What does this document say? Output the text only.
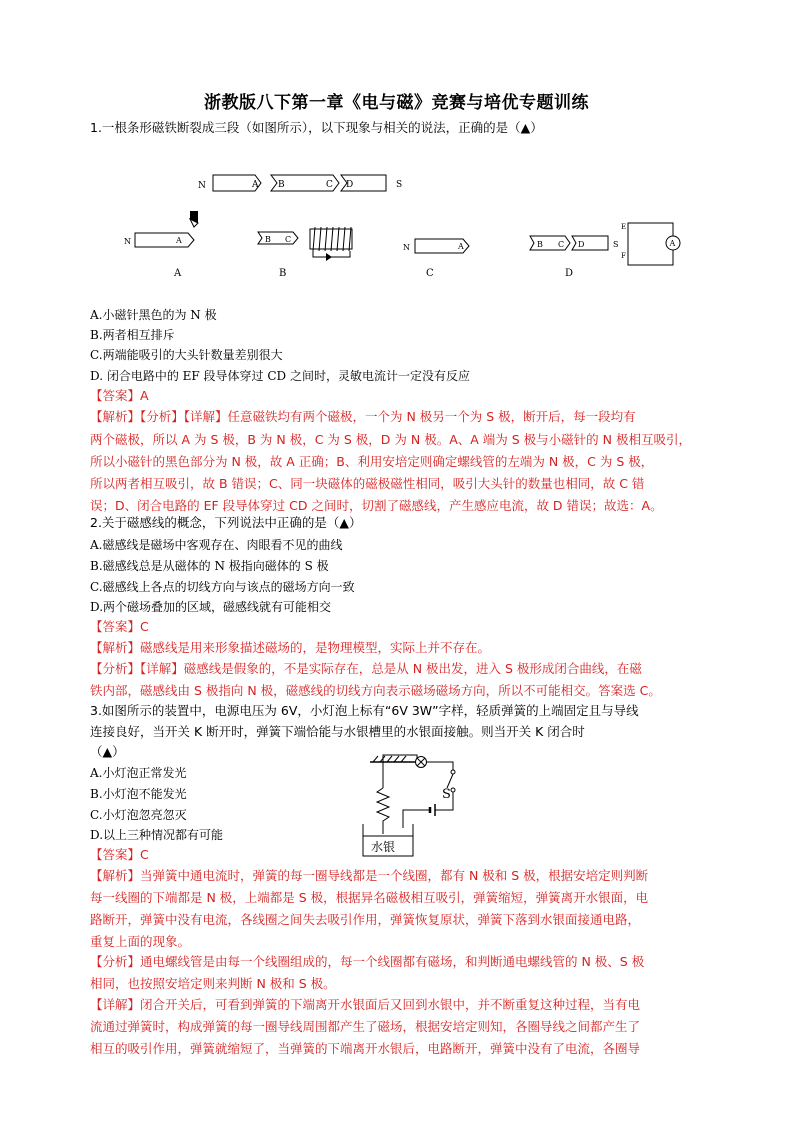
浙教版八下第一章《电与磁》竞赛与培优专题训练
1.一根条形磁铁断裂成三段（如图所示），以下现象与相关的说法，正确的是（▲）
N	A B	C D	S
N	A	B C
N	A	B C D	S
E
F
A
A	B	C	D
A.小磁针黑色的为 N 极
B.两者相互排斥
C.两端能吸引的大头针数量差别很大
D. 闭合电路中的 EF 段导体穿过 CD 之间时，灵敏电流计一定没有反应
【答案】A
【解析】【分析】【详解】任意磁铁均有两个磁极，一个为 N 极另一个为 S 极，断开后，每一段均有
两个磁极，所以 A 为 S 极，B 为 N 极，C 为 S 极，D 为 N 极。A、A 端为 S 极与小磁针的 N 极相互吸引，
所以小磁针的黑色部分为 N 极，故 A 正确；B、利用安培定则确定螺线管的左端为 N 极，C 为 S 极，
所以两者相互吸引，故 B 错误；C、同一块磁体的磁极磁性相同，吸引大头针的数量也相同，故 C 错
误；D、闭合电路的 EF 段导体穿过 CD 之间时，切割了磁感线，产生感应电流，故 D 错误；故选：A。
2.关于磁感线的概念，下列说法中正确的是（▲）
A.磁感线是磁场中客观存在、肉眼看不见的曲线
B.磁感线总是从磁体的 N 极指向磁体的 S 极
C.磁感线上各点的切线方向与该点的磁场方向一致
D.两个磁场叠加的区域，磁感线就有可能相交
【答案】C
【解析】磁感线是用来形象描述磁场的，是物理模型，实际上并不存在。
【分析】【详解】磁感线是假象的，不是实际存在，总是从 N 极出发，进入 S 极形成闭合曲线，在磁
铁内部，磁感线由 S 极指向 N 极，磁感线的切线方向表示磁场磁场方向，所以不可能相交。答案选 C。
3.如图所示的装置中，电源电压为 6V，小灯泡上标有“6V 3W”字样，轻质弹簧的上端固定且与导线
连接良好，当开关 K 断开时，弹簧下端恰能与水银槽里的水银面接触。则当开关 K 闭合时
（▲）
S
水银
A.小灯泡正常发光
B.小灯泡不能发光
C.小灯泡忽亮忽灭
D.以上三种情况都有可能
【答案】C
【解析】当弹簧中通电流时，弹簧的每一圈导线都是一个线圈，都有 N 极和 S 极，根据安培定则判断
每一线圈的下端都是 N 极，上端都是 S 极，根据异名磁极相互吸引，弹簧缩短，弹簧离开水银面，电
路断开，弹簧中没有电流，各线圈之间失去吸引作用，弹簧恢复原状，弹簧下落到水银面接通电路，
重复上面的现象。
【分析】通电螺线管是由每一个线圈组成的，每一个线圈都有磁场，和判断通电螺线管的 N 极、S 极
相同，也按照安培定则来判断 N 极和 S 极。
【详解】闭合开关后，可看到弹簧的下端离开水银面后又回到水银中，并不断重复这种过程，当有电
流通过弹簧时，构成弹簧的每一圈导线周围都产生了磁场，根据安培定则知，各圈导线之间都产生了
相互的吸引作用，弹簧就缩短了，当弹簧的下端离开水银后，电路断开，弹簧中没有了电流，各圈导
